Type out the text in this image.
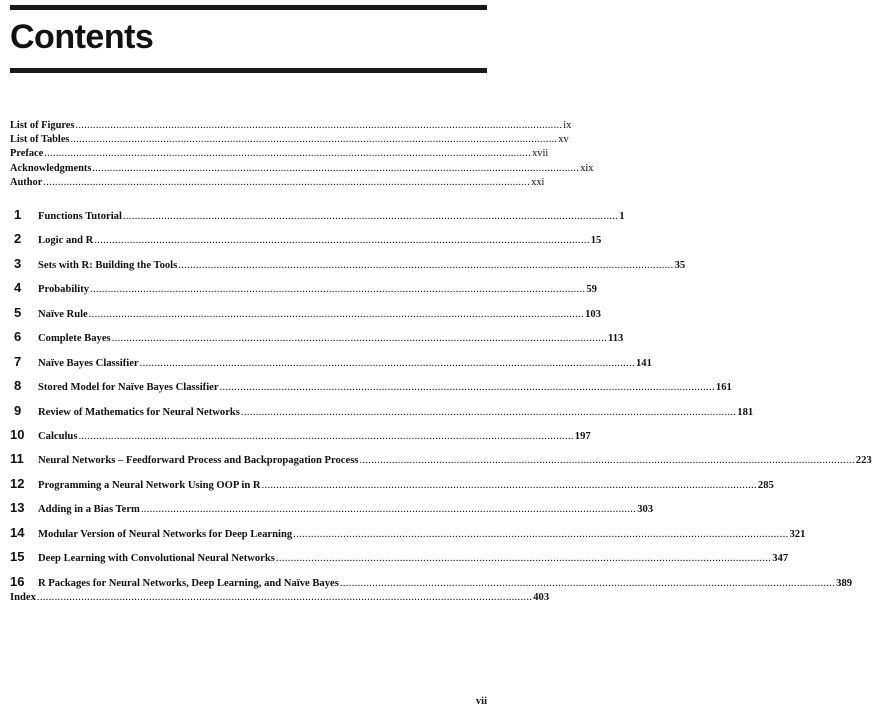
Contents
List of Figures ........................................................................................................................................................................ ix
List of Tables ........................................................................................................................................................................ xv
Preface ........................................................................................................................................................................ xvii
Acknowledgments ........................................................................................................................................................................ xix
Author ........................................................................................................................................................................ xxi
1	Functions Tutorial ........................................................................................................................................................................ 1
2	Logic and R ........................................................................................................................................................................ 15
3	Sets with R: Building the Tools ........................................................................................................................................................................ 35
4	Probability ........................................................................................................................................................................ 59
5	Naïve Rule ........................................................................................................................................................................ 103
6	Complete Bayes ........................................................................................................................................................................ 113
7	Naïve Bayes Classifier ........................................................................................................................................................................ 141
8	Stored Model for Naïve Bayes Classifier ........................................................................................................................................................................ 161
9	Review of Mathematics for Neural Networks ........................................................................................................................................................................ 181
10	Calculus ........................................................................................................................................................................ 197
11	Neural Networks – Feedforward Process and Backpropagation Process ........................................................................................................................................................................ 223
12	Programming a Neural Network Using OOP in R ........................................................................................................................................................................ 285
13	Adding in a Bias Term ........................................................................................................................................................................ 303
14	Modular Version of Neural Networks for Deep Learning ........................................................................................................................................................................ 321
15	Deep Learning with Convolutional Neural Networks ........................................................................................................................................................................ 347
16	R Packages for Neural Networks, Deep Learning, and Naïve Bayes ........................................................................................................................................................................ 389
Index ........................................................................................................................................................................ 403
vii
